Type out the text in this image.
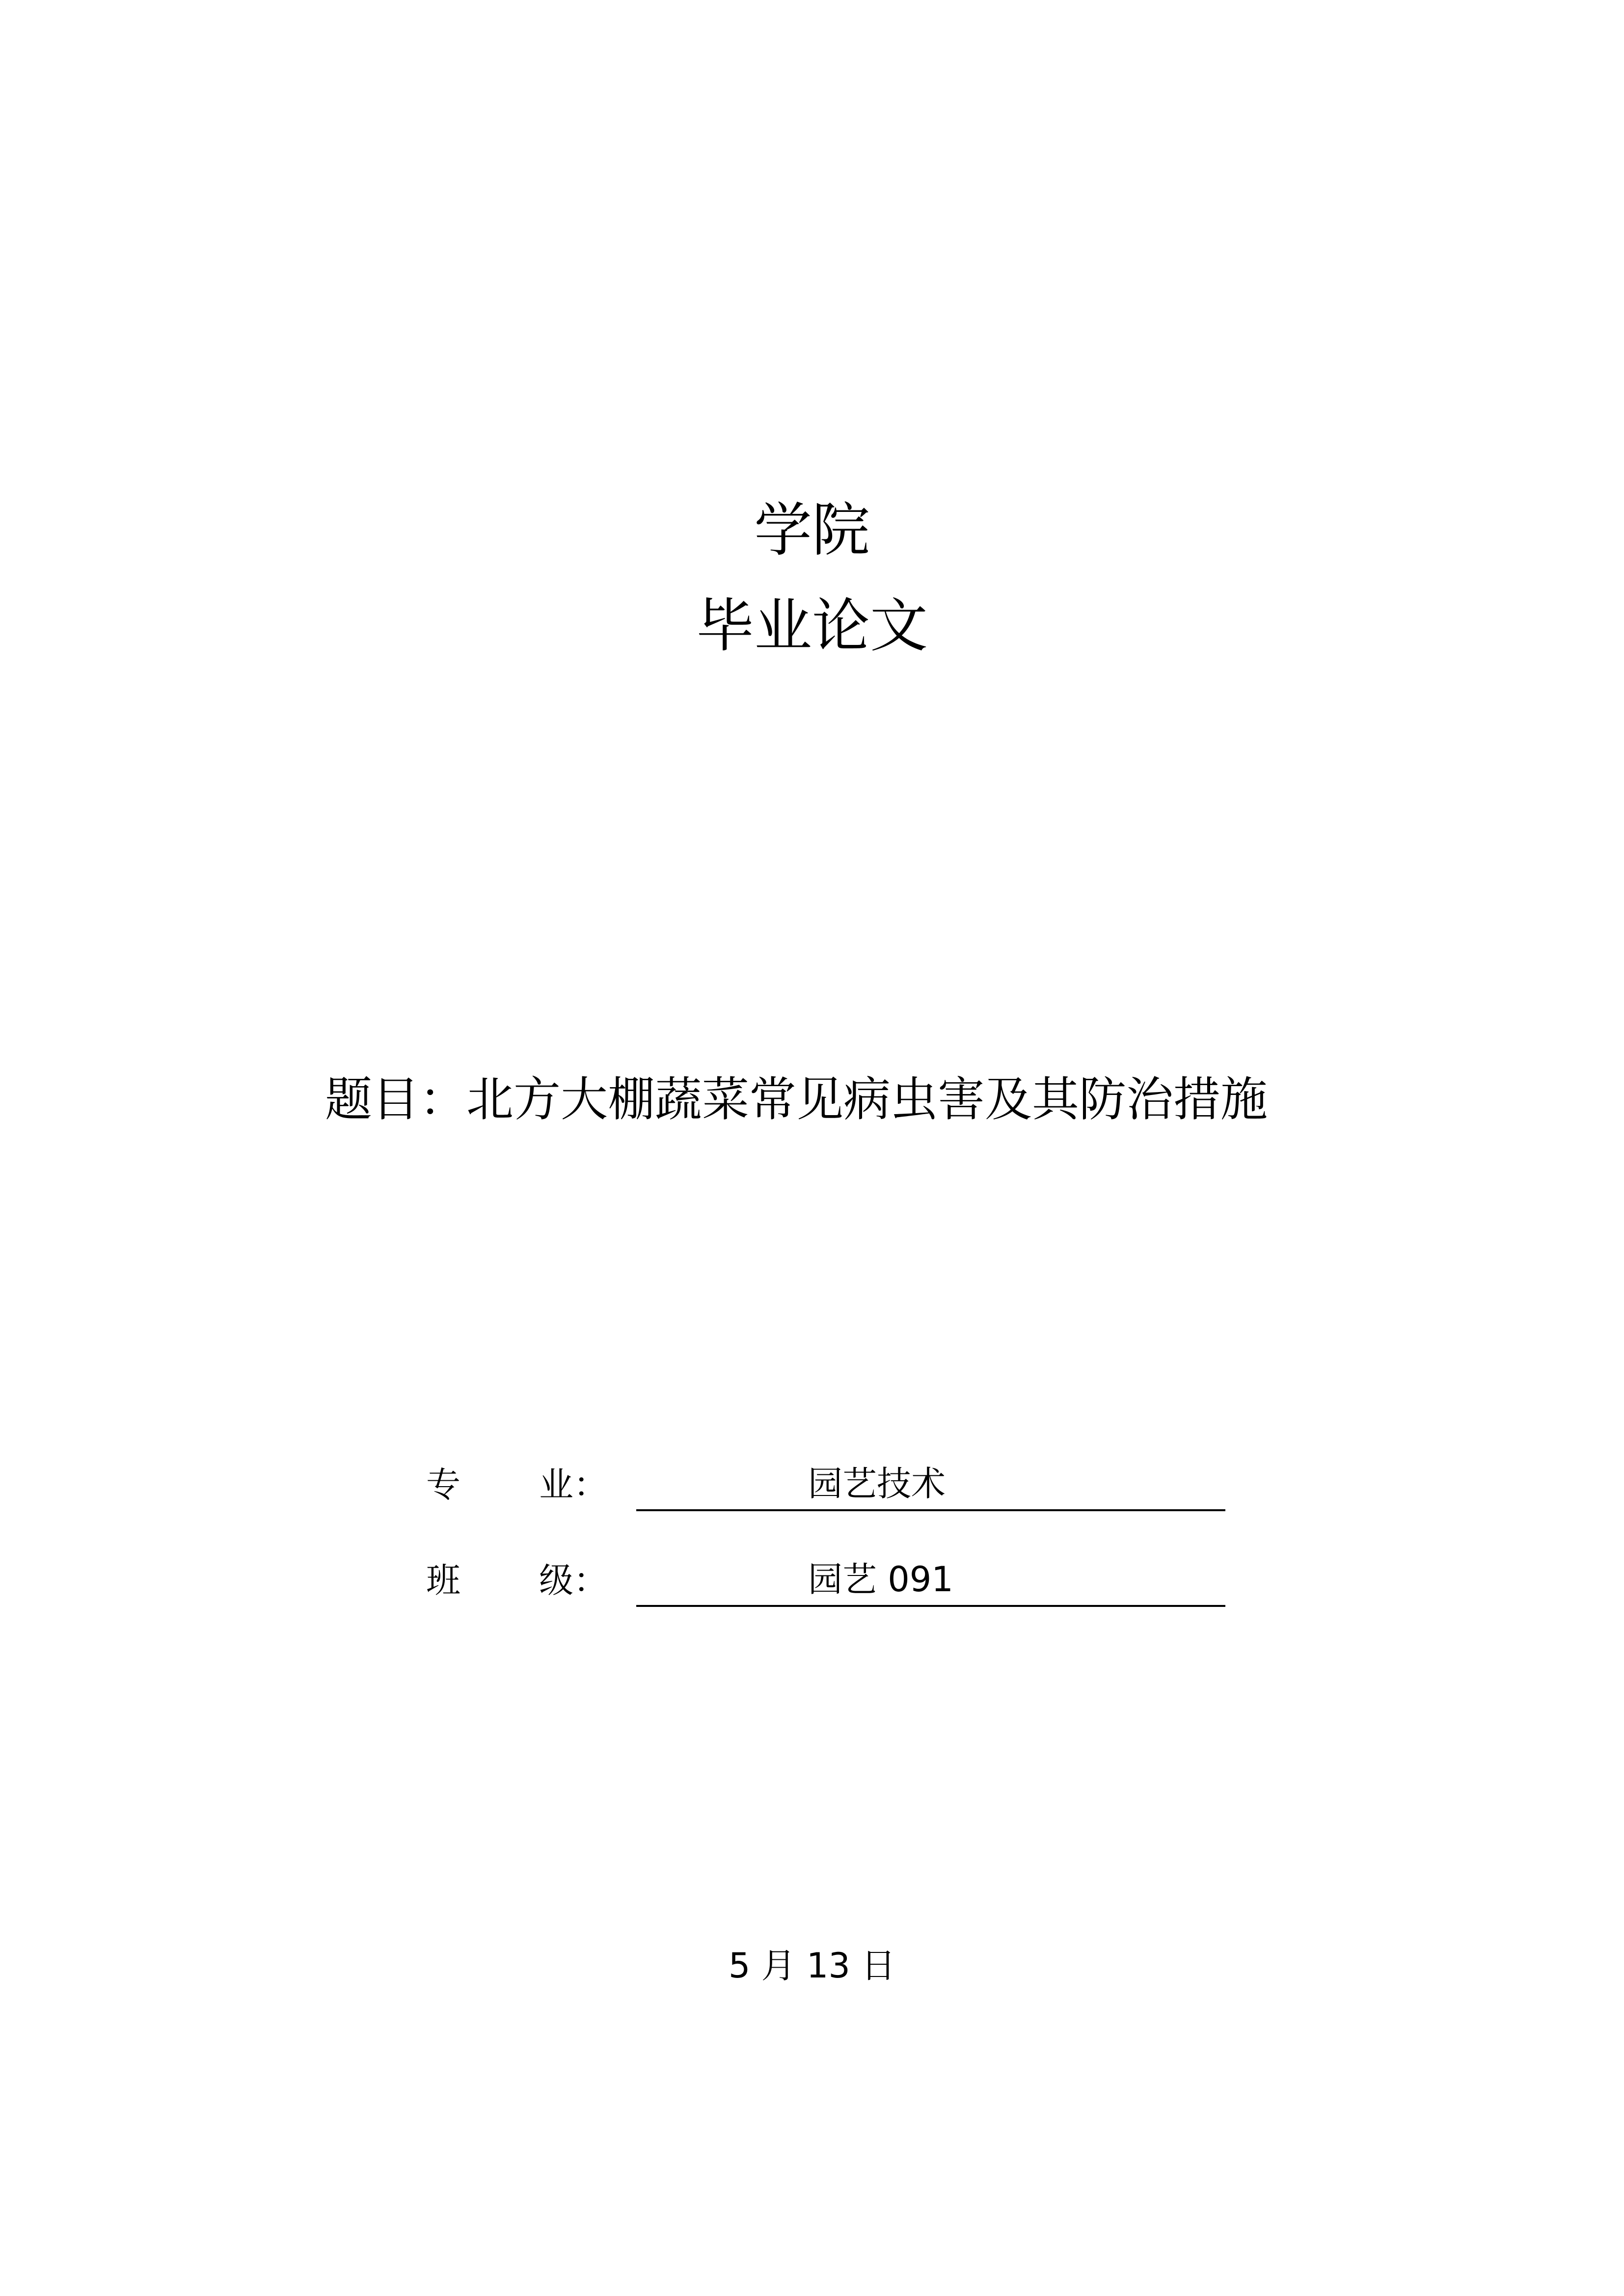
学院
毕业论文
题目：北方大棚蔬菜常见病虫害及其防治措施
专 业 ：	园艺技术
班 级 ：	园艺 091
5 月 13 日
